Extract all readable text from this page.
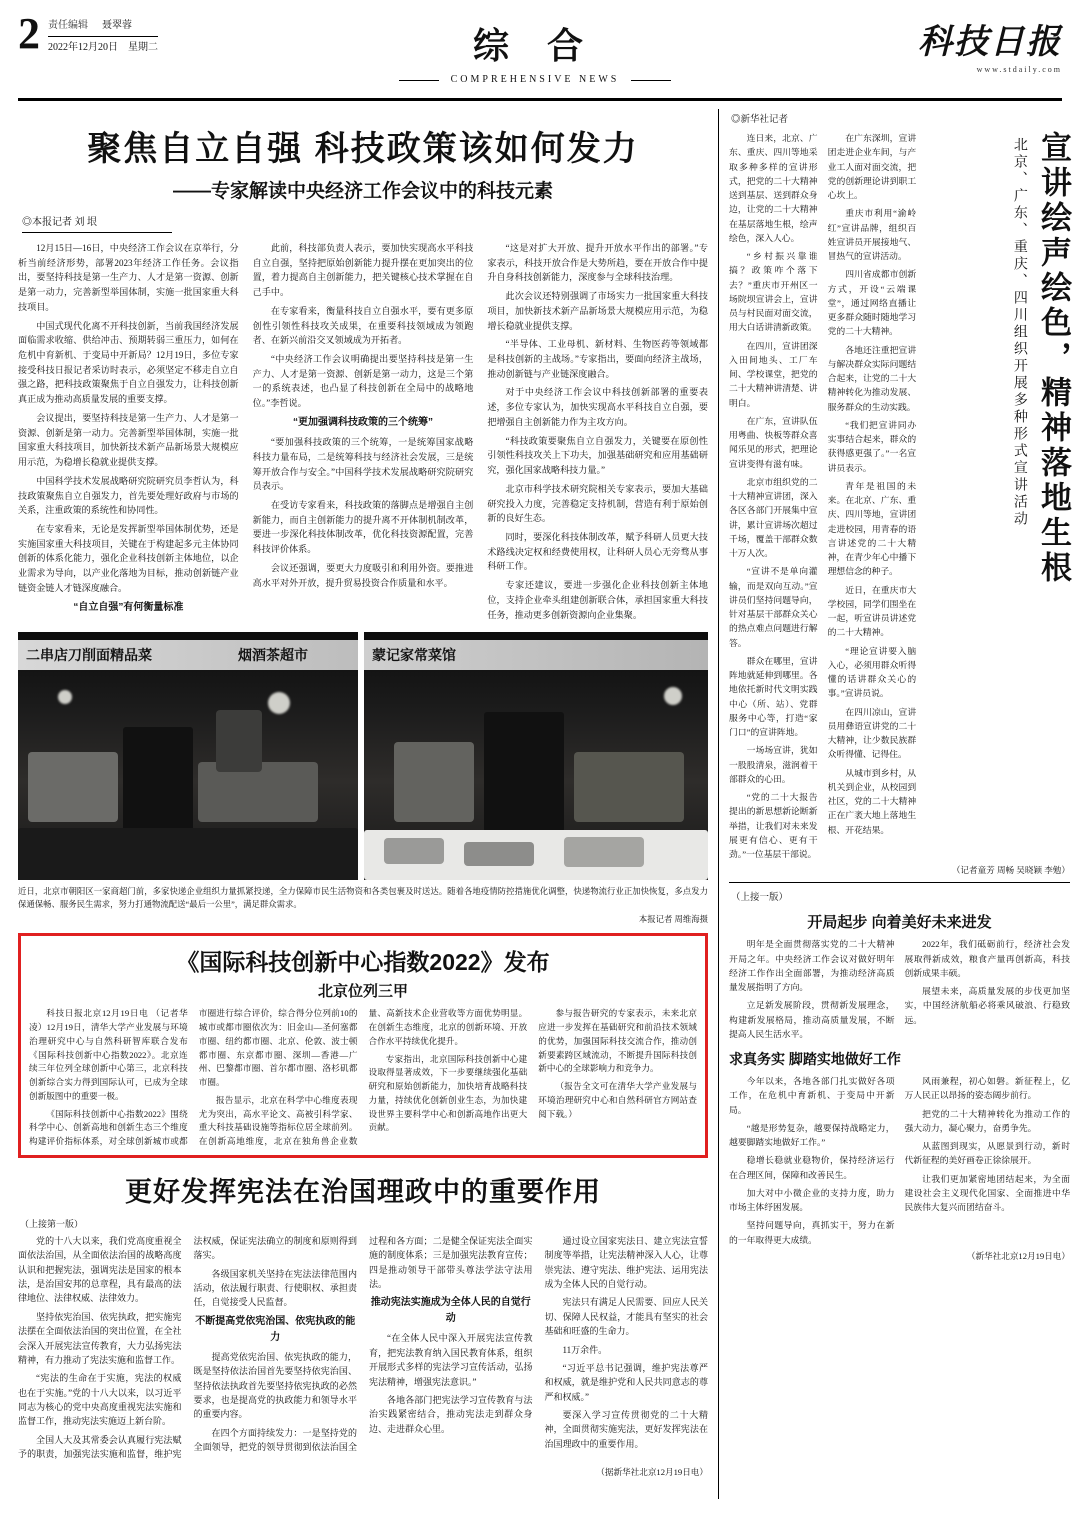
2 责任编辑 聂翠蓉
2022年12月20日 星期二	综 合
COMPREHENSIVE NEWS
科技日报
www.stdaily.com
聚焦自立自强 科技政策该如何发力
——专家解读中央经济工作会议中的科技元素
◎本报记者 刘 垠

12月15日—16日，中央经济工作会议在京举行，分析当前经济形势，部署2023年经济工作任务。会议指出，要坚持科技是第一生产力、人才是第一资源、创新是第一动力，完善新型举国体制，实施一批国家重大科技项目。

中国式现代化离不开科技创新，当前我国经济发展面临需求收缩、供给冲击、预期转弱三重压力，如何在危机中育新机、于变局中开新局？12月19日，多位专家接受科技日报记者采访时表示，必须坚定不移走自立自强之路，把科技政策聚焦于自立自强发力，让科技创新真正成为推动高质量发展的重要支撑。

会议提出，要坚持科技是第一生产力、人才是第一资源、创新是第一动力。完善新型举国体制，实施一批国家重大科技项目，加快新技术新产品新场景大规模应用示范，为稳增长稳就业提供支撑。

中国科学技术发展战略研究院研究员李哲认为，科技政策聚焦自立自强发力，首先要处理好政府与市场的关系，注重政策的系统性和协同性。

在专家看来，无论是发挥新型举国体制优势，还是实施国家重大科技项目，关键在于构建起多元主体协同创新的体系化能力，强化企业科技创新主体地位，以企业需求为导向，以产业化落地为目标，推动创新链产业链资金链人才链深度融合。

“自立自强”有何衡量标准

此前，科技部负责人表示，要加快实现高水平科技自立自强，坚持把原始创新能力提升摆在更加突出的位置，着力提高自主创新能力，把关键核心技术掌握在自己手中。

在专家看来，衡量科技自立自强水平，要有更多原创性引领性科技攻关成果，在重要科技领域成为领跑者、在新兴前沿交叉领域成为开拓者。

“中央经济工作会议明确提出要坚持科技是第一生产力、人才是第一资源、创新是第一动力，这是三个第一的系统表述，也凸显了科技创新在全局中的战略地位。”李哲说。

“更加强调科技政策的三个统筹”

“要加强科技政策的三个统筹，一是统筹国家战略科技力量布局，二是统筹科技与经济社会发展，三是统筹开放合作与安全。”中国科学技术发展战略研究院研究员表示。

在受访专家看来，科技政策的落脚点是增强自主创新能力，而自主创新能力的提升离不开体制机制改革，要进一步深化科技体制改革，优化科技资源配置，完善科技评价体系。

会议还强调，要更大力度吸引和利用外资。要推进高水平对外开放，提升贸易投资合作质量和水平。

“这是对扩大开放、提升开放水平作出的部署。”专家表示，科技开放合作是大势所趋，要在开放合作中提升自身科技创新能力，深度参与全球科技治理。

此次会议还特别强调了市场实力一批国家重大科技项目，加快新技术新产品新场景大规模应用示范，为稳增长稳就业提供支撑。

“半导体、工业母机、新材料、生物医药等领域都是科技创新的主战场。”专家指出，要面向经济主战场，推动创新链与产业链深度融合。

对于中央经济工作会议中科技创新部署的重要表述，多位专家认为，加快实现高水平科技自立自强，要把增强自主创新能力作为主攻方向。

“科技政策要聚焦自立自强发力，关键要在原创性引领性科技攻关上下功夫，加强基础研究和应用基础研究，强化国家战略科技力量。”

北京市科学技术研究院相关专家表示，要加大基础研究投入力度，完善稳定支持机制，营造有利于原始创新的良好生态。

同时，要深化科技体制改革，赋予科研人员更大技术路线决定权和经费使用权，让科研人员心无旁骛从事科研工作。

专家还建议，要进一步强化企业科技创新主体地位，支持企业牵头组建创新联合体，承担国家重大科技任务，推动更多创新资源向企业集聚。

二串店刀削面精品菜	烟酒茶超市	蒙记家常菜馆
近日，北京市朝阳区一家商超门前，多家快递企业组织力量抓紧投递，全力保障市民生活物资和各类包裹及时送达。随着各地疫情防控措施优化调整，快递物流行业正加快恢复，多点发力保通保畅、服务民生需求，努力打通物流配送“最后一公里”，满足群众需求。
本报记者 周维海摄
《国际科技创新中心指数2022》发布
北京位列三甲

科技日报北京12月19日电 （记者华凌）12月19日，清华大学产业发展与环境治理研究中心与自然科研智库联合发布《国际科技创新中心指数2022》。北京连续三年位列全球创新中心第三，北京科技创新综合实力得到国际认可，已成为全球创新版图中的重要一极。

《国际科技创新中心指数2022》围绕科学中心、创新高地和创新生态三个维度构建评价指标体系，对全球创新城市或都市圈进行综合评价，综合得分位列前10的城市或都市圈依次为：旧金山—圣何塞都市圈、纽约都市圈、北京、伦敦、波士顿都市圈、东京都市圈、深圳—香港—广州、巴黎都市圈、首尔都市圈、洛杉矶都市圈。

报告显示，北京在科学中心维度表现尤为突出，高水平论文、高被引科学家、重大科技基础设施等指标位居全球前列。在创新高地维度，北京在独角兽企业数量、高新技术企业营收等方面优势明显。在创新生态维度，北京的创新环境、开放合作水平持续优化提升。

专家指出，北京国际科技创新中心建设取得显著成效，下一步要继续强化基础研究和原始创新能力，加快培育战略科技力量，持续优化创新创业生态，为加快建设世界主要科学中心和创新高地作出更大贡献。

参与报告研究的专家表示，未来北京应进一步发挥在基础研究和前沿技术领域的优势，加强国际科技交流合作，推动创新要素跨区域流动，不断提升国际科技创新中心的全球影响力和竞争力。

（报告全文可在清华大学产业发展与环境治理研究中心和自然科研官方网站查阅下载。）

更好发挥宪法在治国理政中的重要作用
（上接第一版）

党的十八大以来，我们党高度重视全面依法治国，从全面依法治国的战略高度认识和把握宪法，强调宪法是国家的根本法，是治国安邦的总章程，具有最高的法律地位、法律权威、法律效力。

坚持依宪治国、依宪执政，把实施宪法摆在全面依法治国的突出位置，在全社会深入开展宪法宣传教育，大力弘扬宪法精神，有力推动了宪法实施和监督工作。

“宪法的生命在于实施，宪法的权威也在于实施。”党的十八大以来，以习近平同志为核心的党中央高度重视宪法实施和监督工作，推动宪法实施迈上新台阶。

全国人大及其常委会认真履行宪法赋予的职责，加强宪法实施和监督，维护宪法权威，保证宪法确立的制度和原则得到落实。

各级国家机关坚持在宪法法律范围内活动，依法履行职责、行使职权、承担责任，自觉接受人民监督。

不断提高党依宪治国、依宪执政的能力

提高党依宪治国、依宪执政的能力，既是坚持依法治国首先要坚持依宪治国、坚持依法执政首先要坚持依宪执政的必然要求，也是提高党的执政能力和领导水平的重要内容。

在四个方面持续发力：一是坚持党的全面领导，把党的领导贯彻到依法治国全过程和各方面；二是健全保证宪法全面实施的制度体系；三是加强宪法教育宣传；四是推动领导干部带头尊法学法守法用法。

推动宪法实施成为全体人民的自觉行动

“在全体人民中深入开展宪法宣传教育，把宪法教育纳入国民教育体系，组织开展形式多样的宪法学习宣传活动，弘扬宪法精神，增强宪法意识。”

各地各部门把宪法学习宣传教育与法治实践紧密结合，推动宪法走到群众身边、走进群众心里。

通过设立国家宪法日、建立宪法宣誓制度等举措，让宪法精神深入人心，让尊崇宪法、遵守宪法、维护宪法、运用宪法成为全体人民的自觉行动。

宪法只有满足人民需要、回应人民关切、保障人民权益，才能具有坚实的社会基础和旺盛的生命力。

11万余件。

“习近平总书记强调，维护宪法尊严和权威，就是维护党和人民共同意志的尊严和权威。”

要深入学习宣传贯彻党的二十大精神，全面贯彻实施宪法，更好发挥宪法在治国理政中的重要作用。

（据新华社北京12月19日电）
◎新华社记者

连日来，北京、广东、重庆、四川等地采取多种多样的宣讲形式，把党的二十大精神送到基层、送到群众身边，让党的二十大精神在基层落地生根，绘声绘色，深入人心。

“乡村振兴靠谁搞？政策咋个落下去？”重庆市开州区一场院坝宣讲会上，宣讲员与村民面对面交流，用大白话讲清新政策。

在四川，宣讲团深入田间地头、工厂车间、学校课堂，把党的二十大精神讲清楚、讲明白。

在广东，宣讲队伍用粤曲、快板等群众喜闻乐见的形式，把理论宣讲变得有滋有味。

北京市组织党的二十大精神宣讲团，深入各区各部门开展集中宣讲，累计宣讲场次超过千场，覆盖干部群众数十万人次。

“宣讲不是单向灌输，而是双向互动。”宣讲员们坚持问题导向，针对基层干部群众关心的热点难点问题进行解答。

群众在哪里，宣讲阵地就延伸到哪里。各地依托新时代文明实践中心（所、站）、党群服务中心等，打造“家门口”的宣讲阵地。

一场场宣讲，犹如一股股清泉，滋润着干部群众的心田。

“党的二十大报告提出的新思想新论断新举措，让我们对未来发展更有信心、更有干劲。”一位基层干部说。

在广东深圳，宣讲团走进企业车间，与产业工人面对面交流，把党的创新理论讲到职工心坎上。

重庆市利用“渝岭红”宣讲品牌，组织百姓宣讲员开展接地气、冒热气的宣讲活动。

四川省成都市创新方式，开设“云端课堂”，通过网络直播让更多群众随时随地学习党的二十大精神。

各地还注重把宣讲与解决群众实际问题结合起来，让党的二十大精神转化为推动发展、服务群众的生动实践。

“我们把宣讲同办实事结合起来，群众的获得感更强了。”一名宣讲员表示。

青年是祖国的未来。在北京、广东、重庆、四川等地，宣讲团走进校园，用青春的语言讲述党的二十大精神，在青少年心中播下理想信念的种子。

近日，在重庆市大学校园，同学们围坐在一起，听宣讲员讲述党的二十大精神。

“理论宣讲要入脑入心，必须用群众听得懂的话讲群众关心的事。”宣讲员说。

在四川凉山，宣讲员用彝语宣讲党的二十大精神，让少数民族群众听得懂、记得住。

从城市到乡村，从机关到企业，从校园到社区，党的二十大精神正在广袤大地上落地生根、开花结果。

北京、广东、重庆、四川组织开展多种形式宣讲活动 宣讲绘声绘色，精神落地生根
（记者童芳 周畅 吴晓颖 李勉）
（上接一版）
开局起步 向着美好未来进发

明年是全面贯彻落实党的二十大精神开局之年。中央经济工作会议对做好明年经济工作作出全面部署，为推动经济高质量发展指明了方向。

立足新发展阶段，贯彻新发展理念，构建新发展格局，推动高质量发展，不断提高人民生活水平。

2022年，我们砥砺前行，经济社会发展取得新成效，粮食产量再创新高，科技创新成果丰硕。

展望未来，高质量发展的步伐更加坚实，中国经济航船必将乘风破浪、行稳致远。

求真务实 脚踏实地做好工作

今年以来，各地各部门扎实做好各项工作，在危机中育新机、于变局中开新局。

“越是形势复杂，越要保持战略定力，越要脚踏实地做好工作。”

稳增长稳就业稳物价，保持经济运行在合理区间，保障和改善民生。

加大对中小微企业的支持力度，助力市场主体纾困发展。

坚持问题导向，真抓实干，努力在新的一年取得更大成绩。

风雨兼程，初心如磐。新征程上，亿万人民正以昂扬的姿态阔步前行。

把党的二十大精神转化为推动工作的强大动力，凝心聚力，奋勇争先。

从蓝图到现实，从愿景到行动，新时代新征程的美好画卷正徐徐展开。

让我们更加紧密地团结起来，为全面建设社会主义现代化国家、全面推进中华民族伟大复兴而团结奋斗。

（新华社北京12月19日电）
